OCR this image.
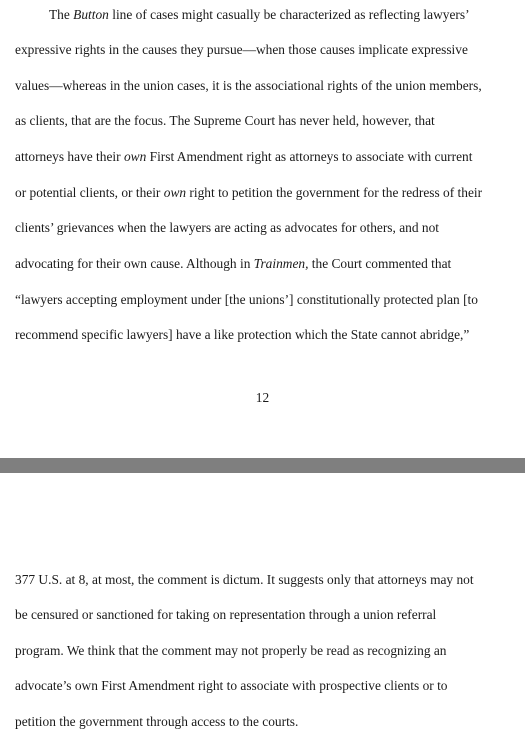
The Button line of cases might casually be characterized as reflecting lawyers’
expressive rights in the causes they pursue—when those causes implicate expressive
values—whereas in the union cases, it is the associational rights of the union members,
as clients, that are the focus. The Supreme Court has never held, however, that
attorneys have their own First Amendment right as attorneys to associate with current
or potential clients, or their own right to petition the government for the redress of their
clients’ grievances when the lawyers are acting as advocates for others, and not
advocating for their own cause. Although in Trainmen, the Court commented that
“lawyers accepting employment under [the unions’] constitutionally protected plan [to
recommend specific lawyers] have a like protection which the State cannot abridge,”
12
377 U.S. at 8, at most, the comment is dictum. It suggests only that attorneys may not
be censured or sanctioned for taking on representation through a union referral
program. We think that the comment may not properly be read as recognizing an
advocate’s own First Amendment right to associate with prospective clients or to
petition the government through access to the courts.
